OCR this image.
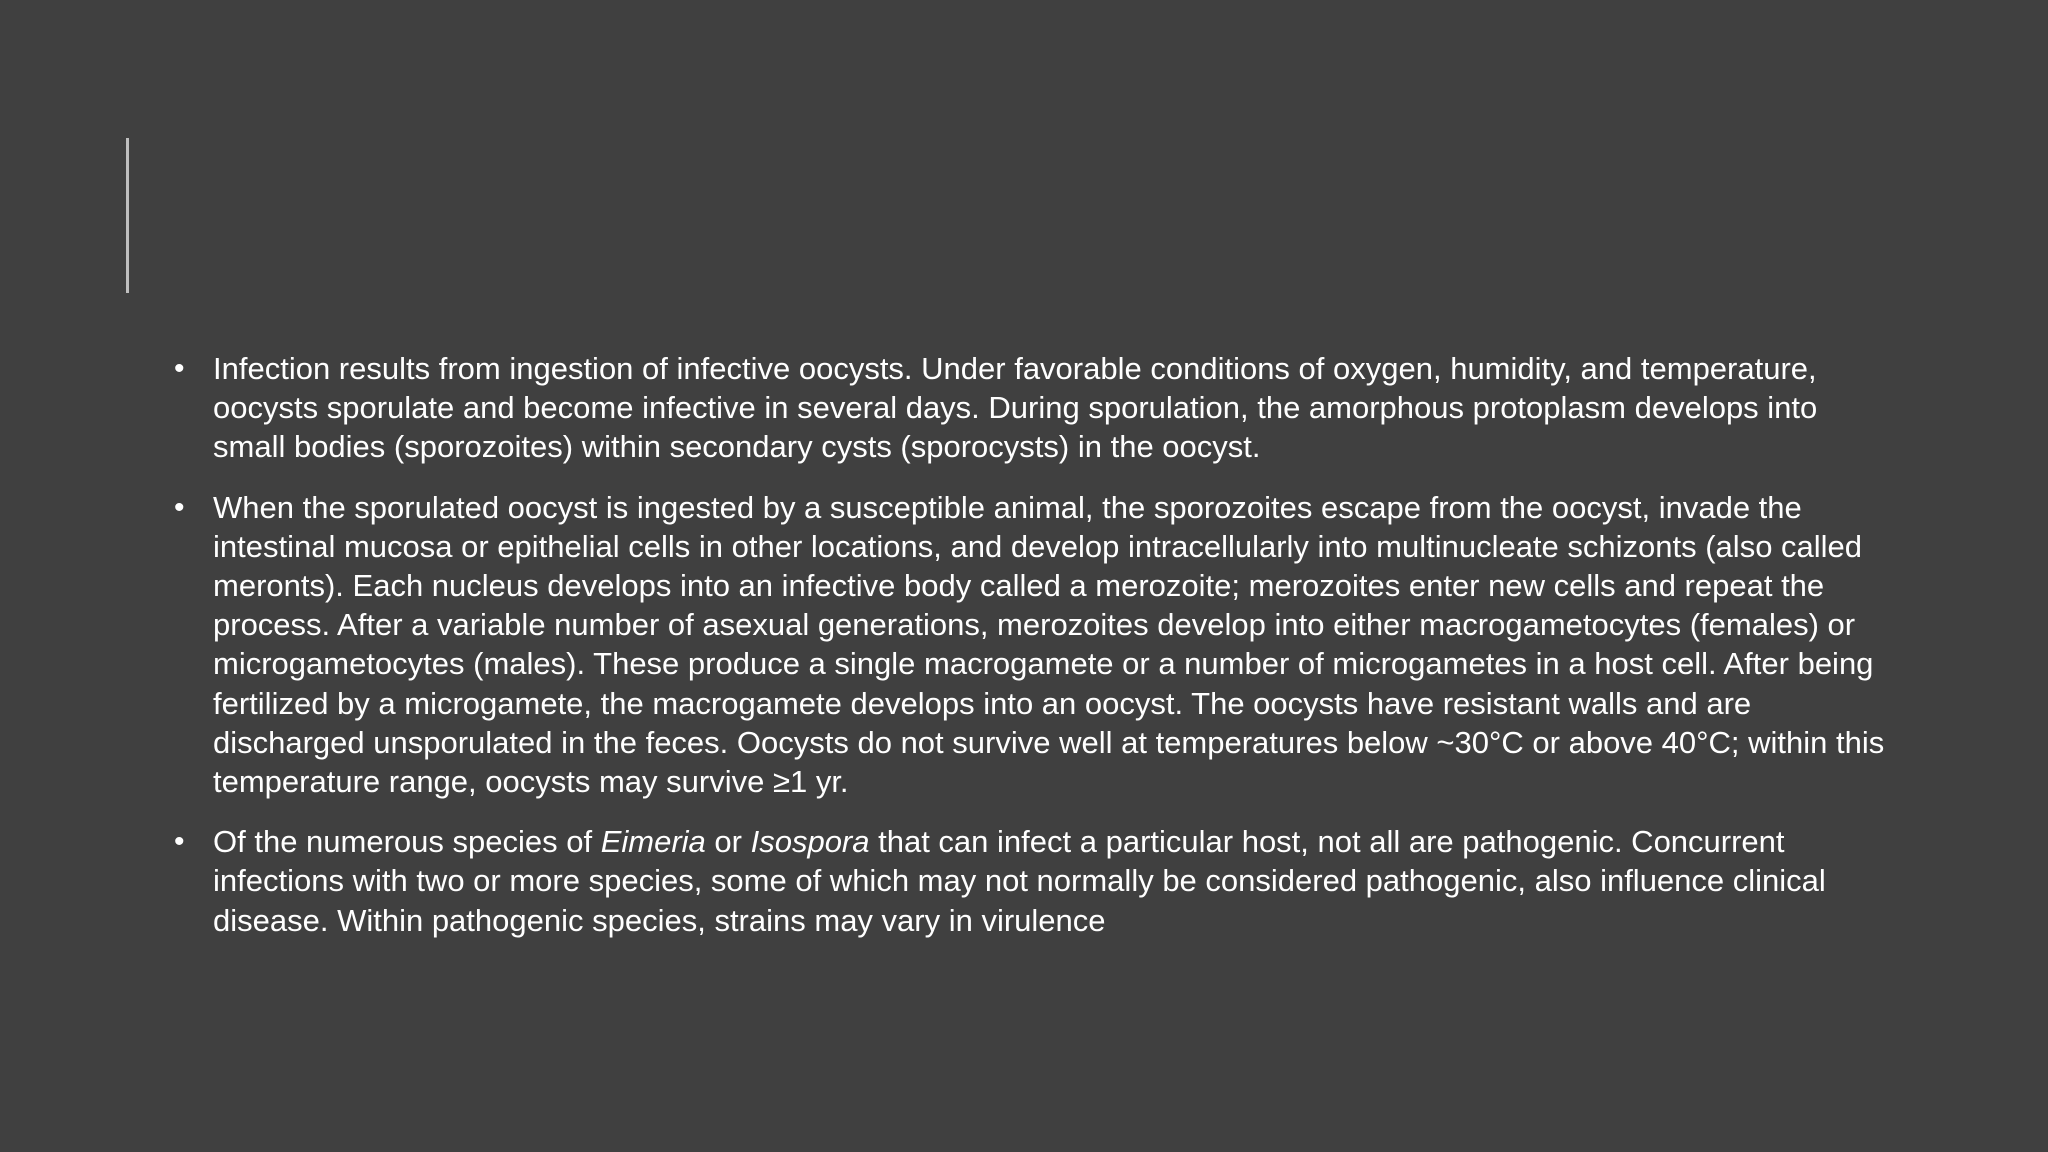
• Infection results from ingestion of infective oocysts. Under favorable conditions of oxygen, humidity, and temperature, oocysts sporulate and become infective in several days. During sporulation, the amorphous protoplasm develops into small bodies (sporozoites) within secondary cysts (sporocysts) in the oocyst.
• When the sporulated oocyst is ingested by a susceptible animal, the sporozoites escape from the oocyst, invade the intestinal mucosa or epithelial cells in other locations, and develop intracellularly into multinucleate schizonts (also called meronts). Each nucleus develops into an infective body called a merozoite; merozoites enter new cells and repeat the process. After a variable number of asexual generations, merozoites develop into either macrogametocytes (females) or microgametocytes (males). These produce a single macrogamete or a number of microgametes in a host cell. After being fertilized by a microgamete, the macrogamete develops into an oocyst. The oocysts have resistant walls and are discharged unsporulated in the feces. Oocysts do not survive well at temperatures below ~30°C or above 40°C; within this temperature range, oocysts may survive ≥1 yr.
• Of the numerous species of Eimeria or Isospora that can infect a particular host, not all are pathogenic. Concurrent infections with two or more species, some of which may not normally be considered pathogenic, also influence clinical disease. Within pathogenic species, strains may vary in virulence
